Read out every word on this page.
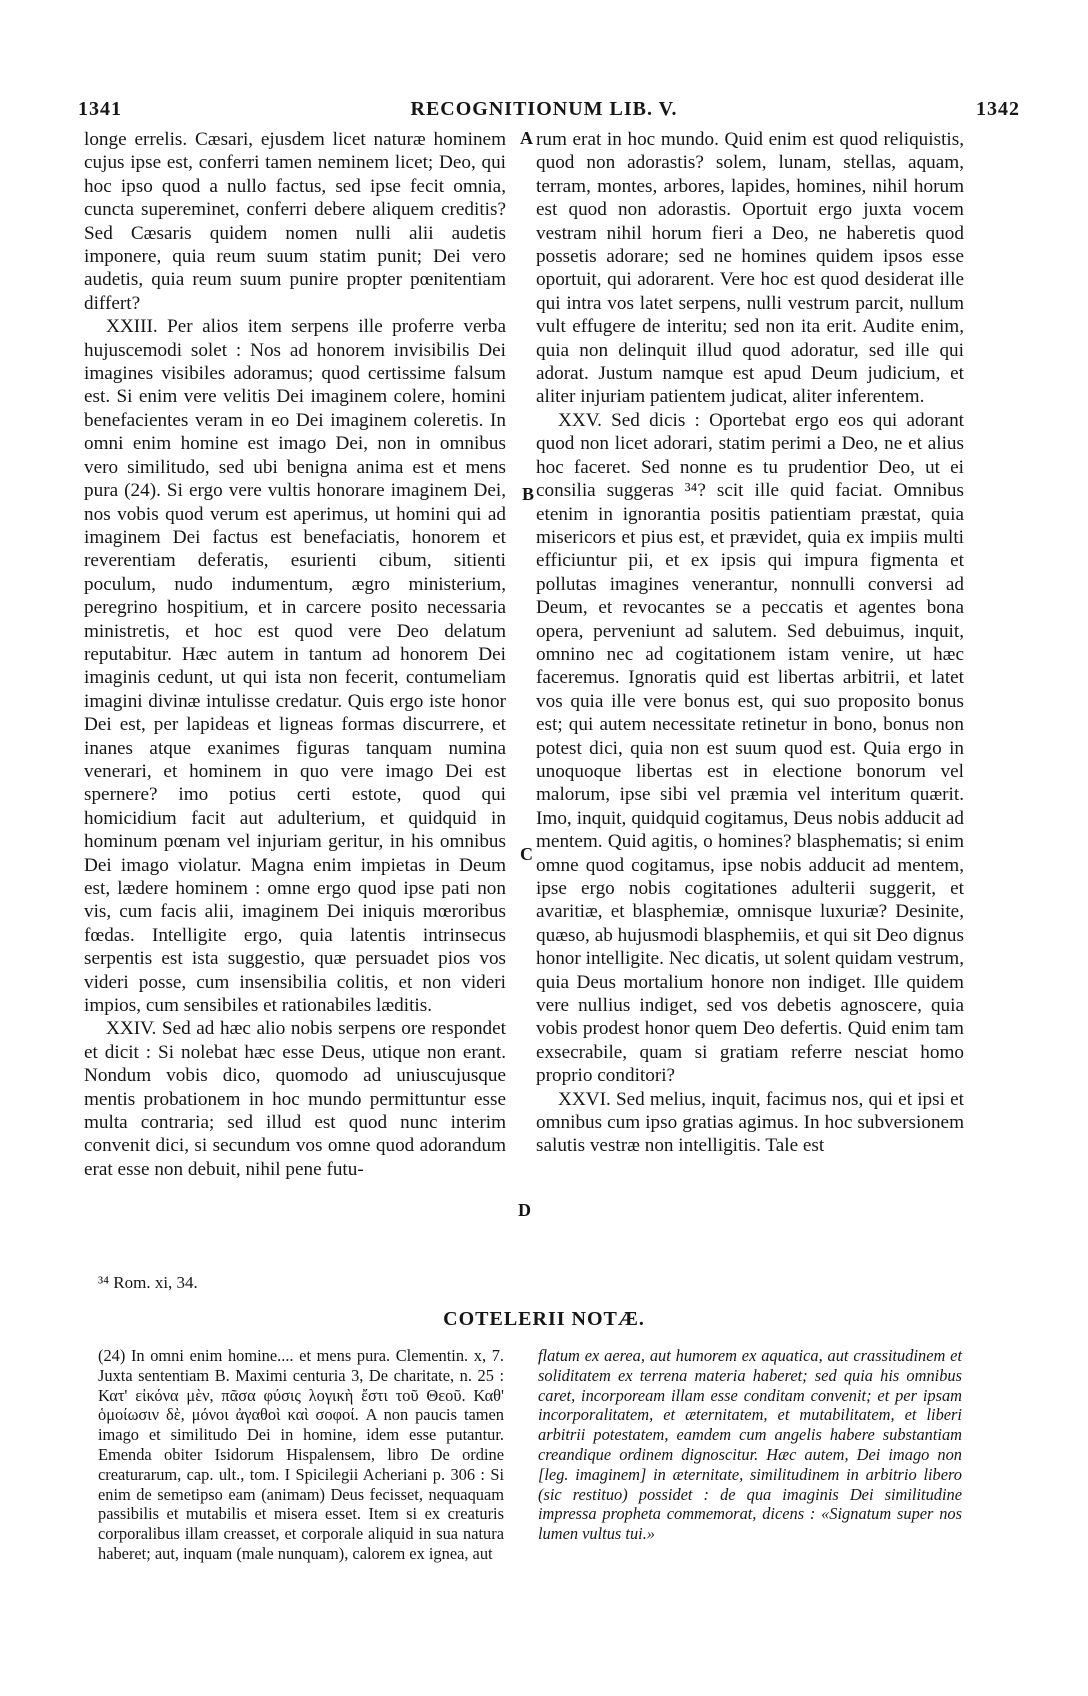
1341	RECOGNITIONUM LIB. V.	1342

longe errelis. Cæsari, ejusdem licet naturæ hominem cujus ipse est, conferri tamen neminem licet; Deo, qui hoc ipso quod a nullo factus, sed ipse fecit omnia, cuncta supereminet, conferri debere aliquem creditis? Sed Cæsaris quidem nomen nulli alii audetis imponere, quia reum suum statim punit; Dei vero audetis, quia reum suum punire propter pœnitentiam differt?

XXIII. Per alios item serpens ille proferre verba hujuscemodi solet : Nos ad honorem invisibilis Dei imagines visibiles adoramus; quod certissime falsum est. Si enim vere velitis Dei imaginem colere, homini benefacientes veram in eo Dei imaginem coleretis. In omni enim homine est imago Dei, non in omnibus vero similitudo, sed ubi benigna anima est et mens pura (24). Si ergo vere vultis honorare imaginem Dei, nos vobis quod verum est aperimus, ut homini qui ad imaginem Dei factus est benefaciatis, honorem et reverentiam deferatis, esurienti cibum, sitienti poculum, nudo indumentum, ægro ministerium, peregrino hospitium, et in carcere posito necessaria ministretis, et hoc est quod vere Deo delatum reputabitur. Hæc autem in tantum ad honorem Dei imaginis cedunt, ut qui ista non fecerit, contumeliam imagini divinæ intulisse credatur. Quis ergo iste honor Dei est, per lapideas et ligneas formas discurrere, et inanes atque exanimes figuras tanquam numina venerari, et hominem in quo vere imago Dei est spernere? imo potius certi estote, quod qui homicidium facit aut adulterium, et quidquid in hominum pœnam vel injuriam geritur, in his omnibus Dei imago violatur. Magna enim impietas in Deum est, lædere hominem : omne ergo quod ipse pati non vis, cum facis alii, imaginem Dei iniquis mœroribus fœdas. Intelligite ergo, quia latentis intrinsecus serpentis est ista suggestio, quæ persuadet pios vos videri posse, cum insensibilia colitis, et non videri impios, cum sensibiles et rationabiles læditis.

XXIV. Sed ad hæc alio nobis serpens ore respondet et dicit : Si nolebat hæc esse Deus, utique non erant. Nondum vobis dico, quomodo ad uniuscujusque mentis probationem in hoc mundo permittuntur esse multa contraria; sed illud est quod nunc interim convenit dici, si secundum vos omne quod adorandum erat esse non debuit, nihil pene futu-

A
B
C
D

rum erat in hoc mundo. Quid enim est quod reliquistis, quod non adorastis? solem, lunam, stellas, aquam, terram, montes, arbores, lapides, homines, nihil horum est quod non adorastis. Oportuit ergo juxta vocem vestram nihil horum fieri a Deo, ne haberetis quod possetis adorare; sed ne homines quidem ipsos esse oportuit, qui adorarent. Vere hoc est quod desiderat ille qui intra vos latet serpens, nulli vestrum parcit, nullum vult effugere de interitu; sed non ita erit. Audite enim, quia non delinquit illud quod adoratur, sed ille qui adorat. Justum namque est apud Deum judicium, et aliter injuriam patientem judicat, aliter inferentem.

XXV. Sed dicis : Oportebat ergo eos qui adorant quod non licet adorari, statim perimi a Deo, ne et alius hoc faceret. Sed nonne es tu prudentior Deo, ut ei consilia suggeras ³⁴? scit ille quid faciat. Omnibus etenim in ignorantia positis patientiam præstat, quia misericors et pius est, et prævidet, quia ex impiis multi efficiuntur pii, et ex ipsis qui impura figmenta et pollutas imagines venerantur, nonnulli conversi ad Deum, et revocantes se a peccatis et agentes bona opera, perveniunt ad salutem. Sed debuimus, inquit, omnino nec ad cogitationem istam venire, ut hæc faceremus. Ignoratis quid est libertas arbitrii, et latet vos quia ille vere bonus est, qui suo proposito bonus est; qui autem necessitate retinetur in bono, bonus non potest dici, quia non est suum quod est. Quia ergo in unoquoque libertas est in electione bonorum vel malorum, ipse sibi vel præmia vel interitum quærit. Imo, inquit, quidquid cogitamus, Deus nobis adducit ad mentem. Quid agitis, o homines? blasphematis; si enim omne quod cogitamus, ipse nobis adducit ad mentem, ipse ergo nobis cogitationes adulterii suggerit, et avaritiæ, et blasphemiæ, omnisque luxuriæ? Desinite, quæso, ab hujusmodi blasphemiis, et qui sit Deo dignus honor intelligite. Nec dicatis, ut solent quidam vestrum, quia Deus mortalium honore non indiget. Ille quidem vere nullius indiget, sed vos debetis agnoscere, quia vobis prodest honor quem Deo defertis. Quid enim tam exsecrabile, quam si gratiam referre nesciat homo proprio conditori?

XXVI. Sed melius, inquit, facimus nos, qui et ipsi et omnibus cum ipso gratias agimus. In hoc subversionem salutis vestræ non intelligitis. Tale est

³⁴ Rom. xi, 34.
COTELERII NOTÆ.
(24) In omni enim homine.... et mens pura. Clementin. x, 7. Juxta sententiam B. Maximi centuria 3, De charitate, n. 25 : Κατ' εἰκόνα μὲν, πᾶσα φύσις λογικὴ ἔστι τοῦ Θεοῦ. Καθ' ὁμοίωσιν δὲ, μόνοι ἀγαθοὶ καὶ σοφοί. A non paucis tamen imago et similitudo Dei in homine, idem esse putantur. Emenda obiter Isidorum Hispalensem, libro De ordine creaturarum, cap. ult., tom. I Spicilegii Acheriani p. 306 : Si enim de semetipso eam (animam) Deus fecisset, nequaquam passibilis et mutabilis et misera esset. Item si ex creaturis corporalibus illam creasset, et corporale aliquid in sua natura haberet; aut, inquam (male nunquam), calorem ex ignea, aut
flatum ex aerea, aut humorem ex aquatica, aut crassitudinem et soliditatem ex terrena materia haberet; sed quia his omnibus caret, incorpoream illam esse conditam convenit; et per ipsam incorporalitatem, et æternitatem, et mutabilitatem, et liberi arbitrii potestatem, eamdem cum angelis habere substantiam creandique ordinem dignoscitur. Hæc autem, Dei imago non [leg. imaginem] in æternitate, similitudinem in arbitrio libero (sic restituo) possidet : de qua imaginis Dei similitudine impressa propheta commemorat, dicens : «Signatum super nos lumen vultus tui.»
